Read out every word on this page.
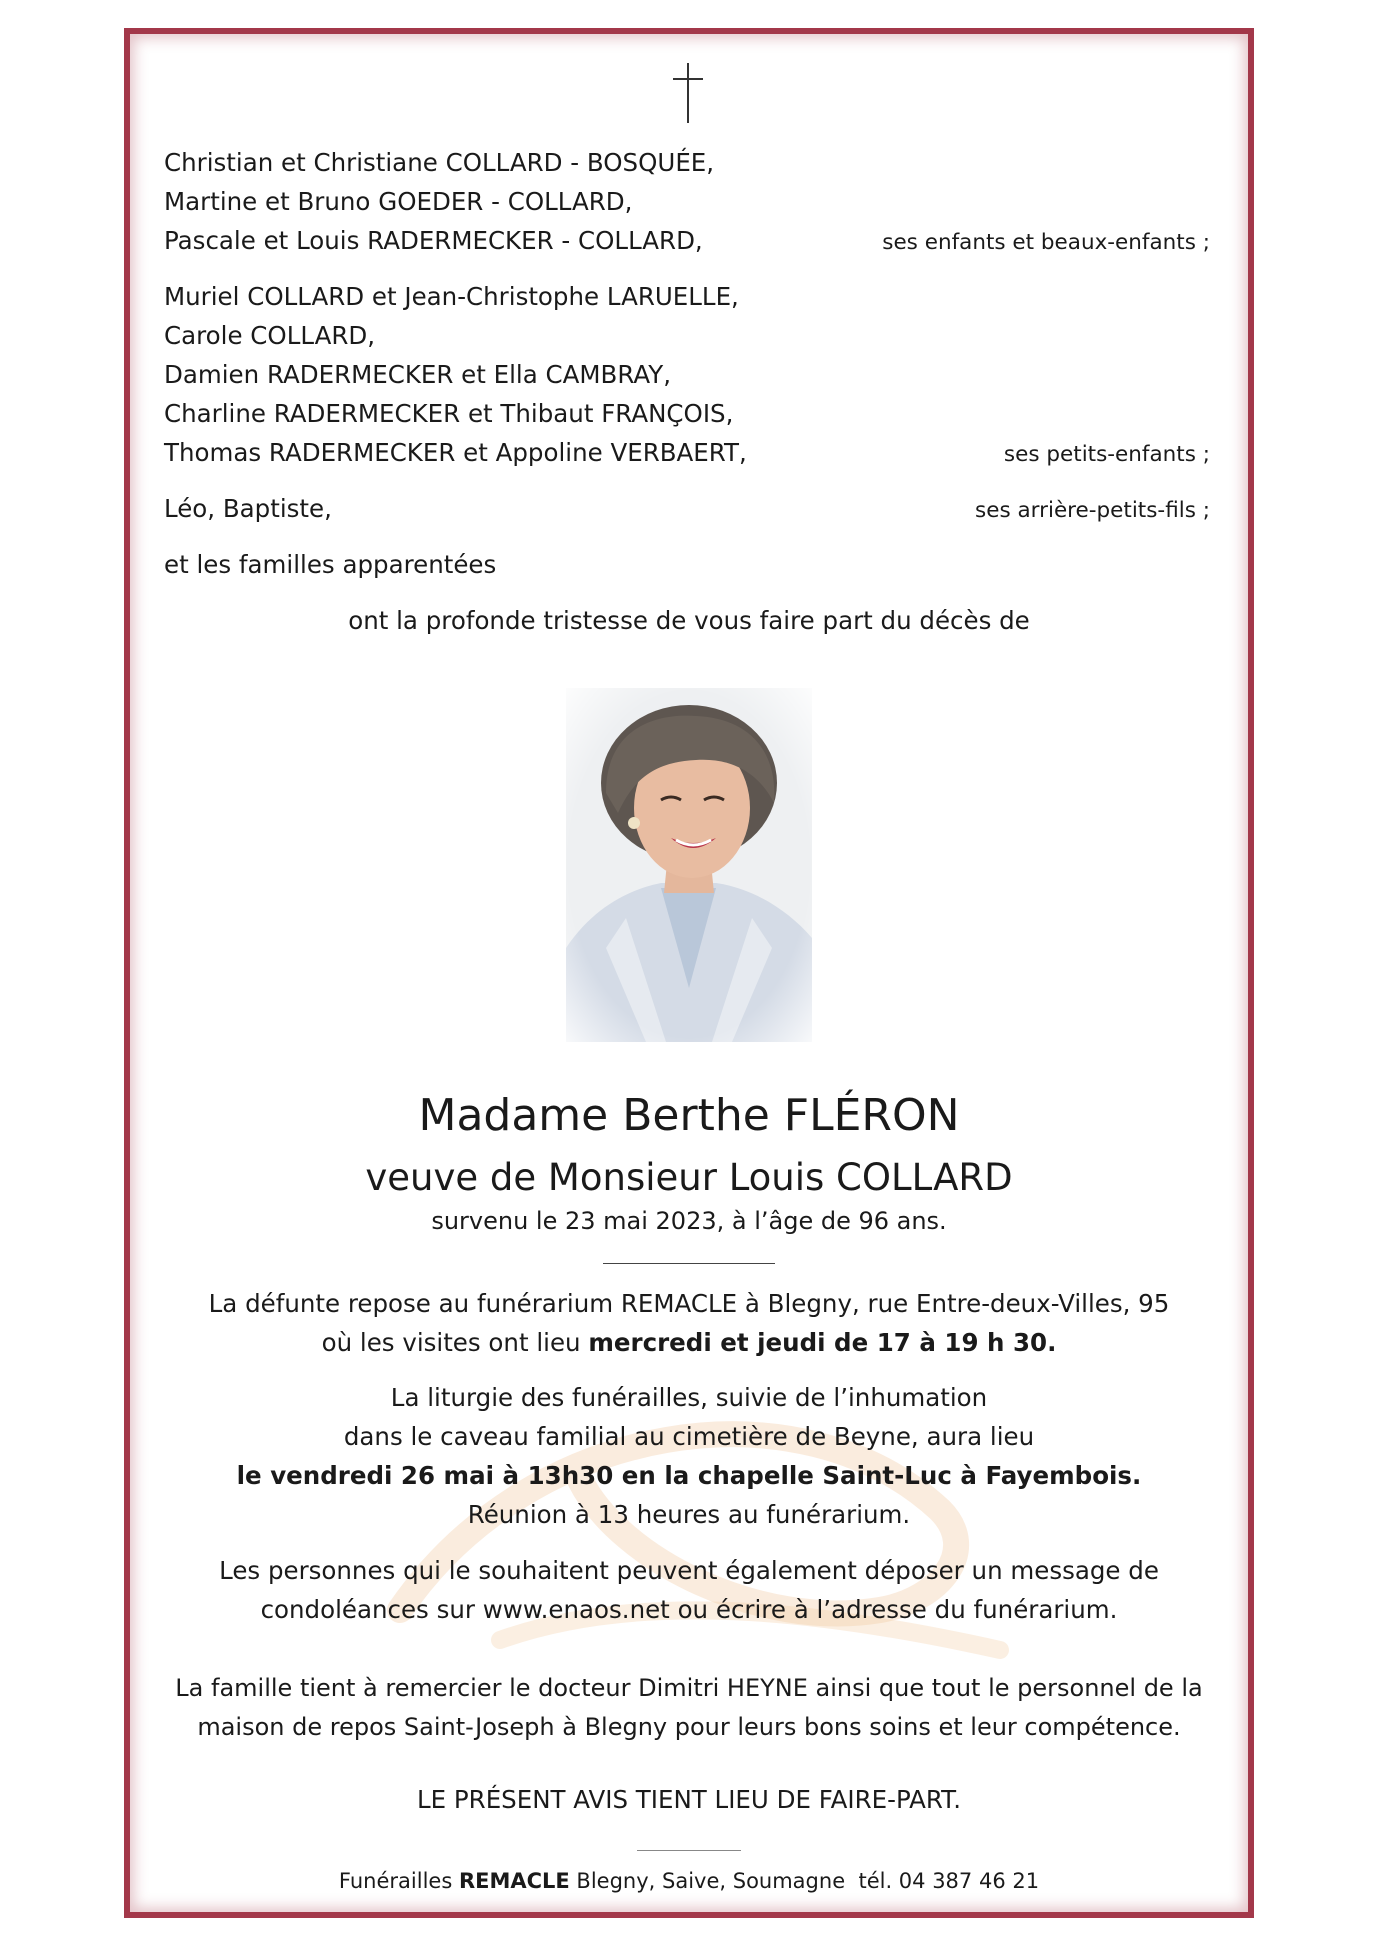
Christian et Christiane COLLARD - BOSQUÉE,
Martine et Bruno GOEDER - COLLARD,
Pascale et Louis RADERMECKER - COLLARD,	ses enfants et beaux-enfants ;
Muriel COLLARD et Jean-Christophe LARUELLE,
Carole COLLARD,
Damien RADERMECKER et Ella CAMBRAY,
Charline RADERMECKER et Thibaut FRANÇOIS,
Thomas RADERMECKER et Appoline VERBAERT,	ses petits-enfants ;
Léo, Baptiste,	ses arrière-petits-fils ;
et les familles apparentées
ont la profonde tristesse de vous faire part du décès de
Madame Berthe FLÉRON
veuve de Monsieur Louis COLLARD
survenu le 23 mai 2023, à l’âge de 96 ans.
La défunte repose au funérarium REMACLE à Blegny, rue Entre-deux-Villes, 95
où les visites ont lieu mercredi et jeudi de 17 à 19 h 30.
La liturgie des funérailles, suivie de l’inhumation
dans le caveau familial au cimetière de Beyne, aura lieu
le vendredi 26 mai à 13h30 en la chapelle Saint-Luc à Fayembois.
Réunion à 13 heures au funérarium.
Les personnes qui le souhaitent peuvent également déposer un message de
condoléances sur www.enaos.net ou écrire à l’adresse du funérarium.
La famille tient à remercier le docteur Dimitri HEYNE ainsi que tout le personnel de la
maison de repos Saint-Joseph à Blegny pour leurs bons soins et leur compétence.
LE PRÉSENT AVIS TIENT LIEU DE FAIRE-PART.
Funérailles REMACLE Blegny, Saive, Soumagne  tél. 04 387 46 21
